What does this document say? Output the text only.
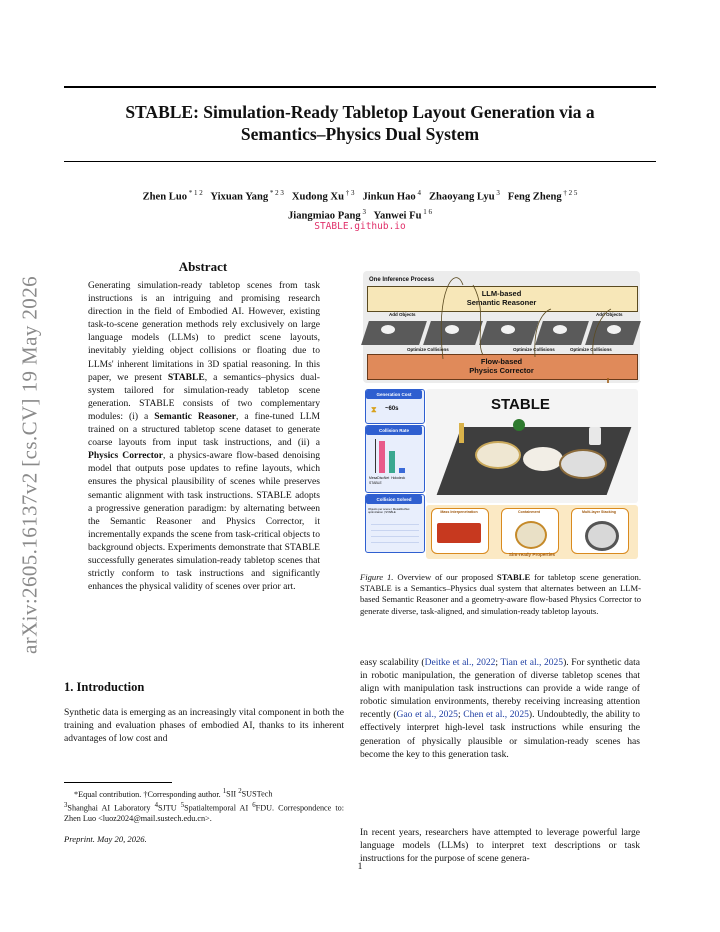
STABLE: Simulation-Ready Tabletop Layout Generation via a
Semantics–Physics Dual System
Zhen Luo $^{* 1 2}$  Yixuan Yang $^{* 2 3}$  Xudong Xu $^{\dagger 3}$  Jinkun Hao $^4$  Zhaoyang Lyu $^3$  Feng Zheng $^{\dagger 2 5}$
Jiangmiao Pang $^3$  Yanwei Fu $^{1 6}$
STABLE.github.io
arXiv:2605.16137v2 [cs.CV] 19 May 2026
Abstract
Generating simulation-ready tabletop scenes from task instructions is an intriguing and promising research direction in the field of Embodied AI. However, existing task-to-scene generation methods rely exclusively on large language models (LLMs) to predict scene layouts, inevitably yielding object collisions or floating due to LLMs' inherent limitations in 3D spatial reasoning. In this paper, we present STABLE, a semantics–physics dual-system tailored for simulation-ready tabletop scene generation. STABLE consists of two complementary modules: (i) a Semantic Reasoner, a fine-tuned LLM trained on a structured tabletop scene dataset to generate coarse layouts from input task instructions, and (ii) a Physics Corrector, a physics-aware flow-based denoising model that outputs pose updates to refine layouts, which ensures the physical plausibility of scenes while preserves semantic alignment with task instructions. STABLE adopts a progressive generation paradigm: by alternating between the Semantic Reasoner and Physics Corrector, it incrementally expands the scene from task-critical objects to background objects. Experiments demonstrate that STABLE successfully generates simulation-ready tabletop scenes that strictly conform to task instructions and significantly enhances the physical validity of scenes over prior art.
1. Introduction
Synthetic data is emerging as an increasingly vital component in both the training and evaluation phases of embodied AI, thanks to its inherent advantages of low cost and
*Equal contribution. †Corresponding author. $^1$SII $^2$SUSTech
$^3$Shanghai AI Laboratory $^4$SJTU $^5$Spatialtemporal AI $^6$FDU. Correspondence to: Zhen Luo <luoz2024@mail.sustech.edu.cn>.
Preprint. May 20, 2026.
1
One Inference Process
LLM-based
Semantic Reasoner
Add Objects	Add Objects
Optimize Collisions	Optimize Collisions	Optimize Collisions
Flow-based
Physics Corrector
Generation Cost
⧗ ~60s
Collision Rate
MesaDiscNet Holodeck
STABLE
Collision Solved
Objects per scene | MesaDiscNet optimization | STABLE
STABLE
Mass Interpenetration	Containment	Multi-layer Stacking
Sim-ready Properties
Figure 1. Overview of our proposed STABLE for tabletop scene generation. STABLE is a Semantics–Physics dual system that alternates between an LLM-based Semantic Reasoner and a geometry-aware flow-based Physics Corrector to generate diverse, task-aligned, and simulation-ready tabletop layouts.
easy scalability (Deitke et al., 2022; Tian et al., 2025). For synthetic data in robotic manipulation, the generation of diverse tabletop scenes that align with manipulation task instructions can provide a wide range of robotic simulation environments, thereby receiving increasing attention recently (Gao et al., 2025; Chen et al., 2025). Undoubtedly, the ability to effectively interpret high-level task instructions while ensuring the generation of physically plausible or simulation-ready scenes has become the key to this generation task.
In recent years, researchers have attempted to leverage powerful large language models (LLMs) to interpret text descriptions or task instructions for the purpose of scene genera-
